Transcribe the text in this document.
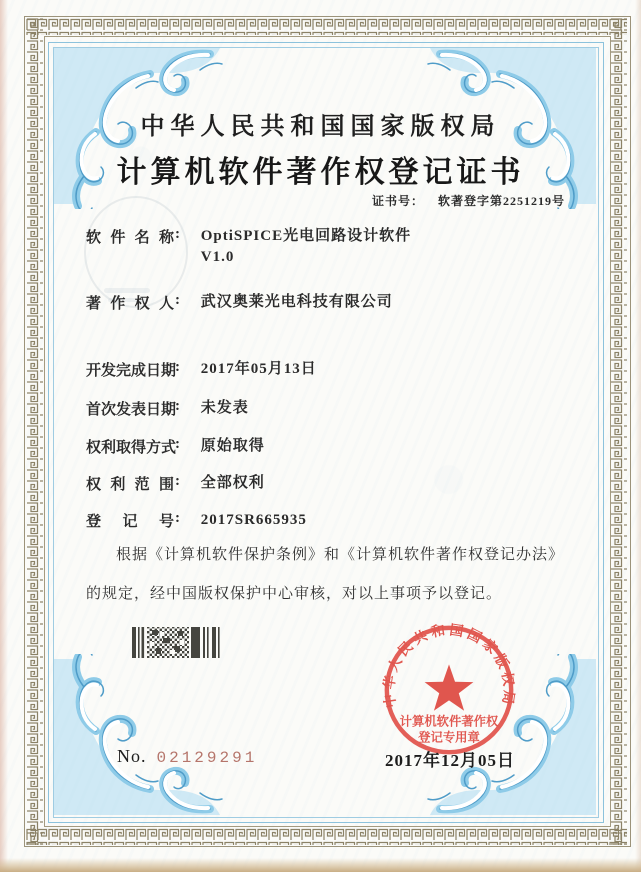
中华人民共和国国家版权局
计算机软件著作权登记证书
证书号： 软著登字第2251219号
软件名称: OptiSPICE光电回路设计软件
V1.0
著作权人: 武汉奥莱光电科技有限公司
开发完成日期: 2017年05月13日
首次发表日期: 未发表
权利取得方式: 原始取得
权利范围: 全部权利
登记号: 2017SR665935
根据《计算机软件保护条例》和《计算机软件著作权登记办法》的规定，经中国版权保护中心审核，对以上事项予以登记。
No. 02129291
中华人民共和国国家版权局
计算机软件著作权
登记专用章
2017年12月05日
